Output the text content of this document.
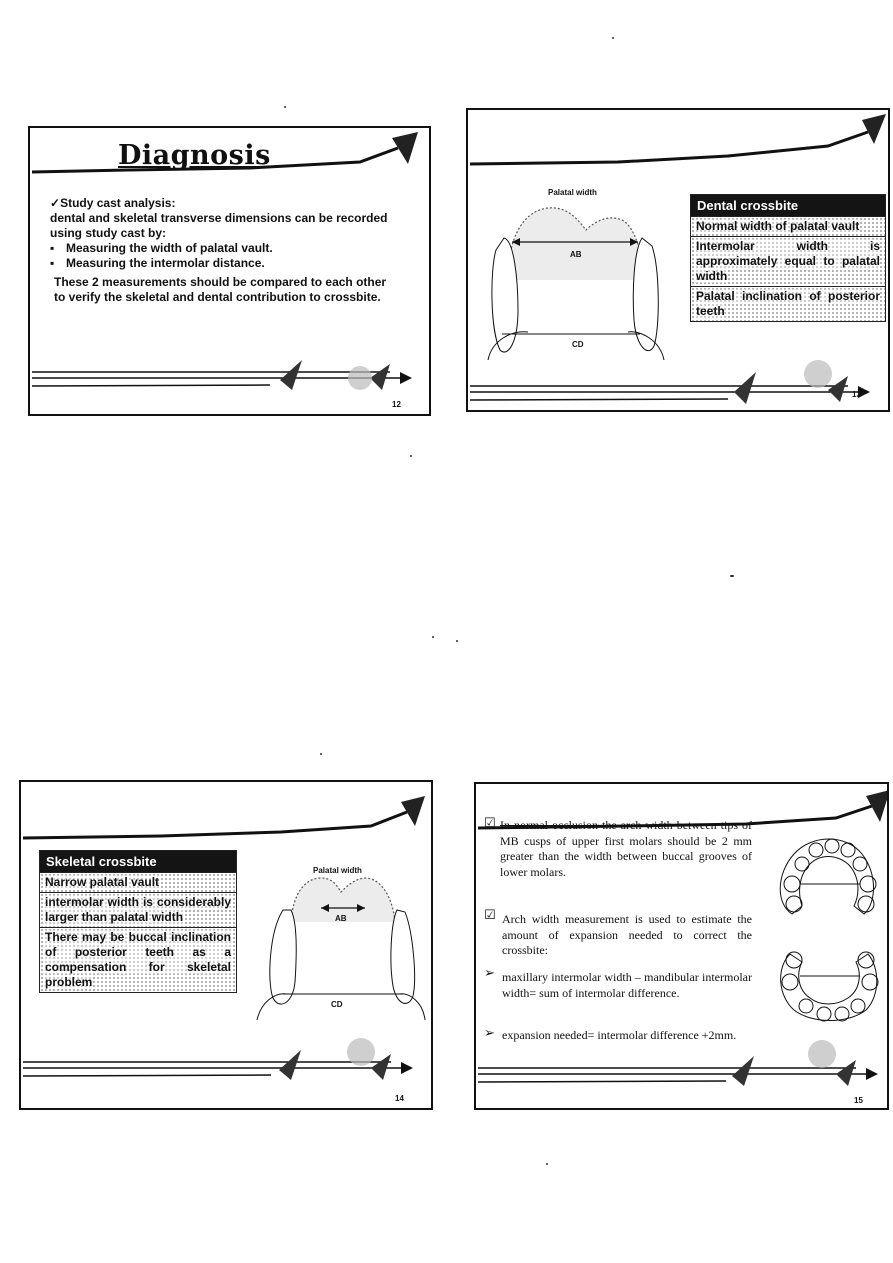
Diagnosis

✓Study cast analysis:

dental and skeletal transverse dimensions can be recorded using study cast by:

▪ Measuring the width of palatal vault.
▪ Measuring the intermolar distance.

These 2 measurements should be compared to each other to verify the skeletal and dental contribution to crossbite.

12
Palatal width
AB
CD
Dental crossbite
Normal width of palatal vault
Intermolar width is approximately equal to palatal width
Palatal inclination of posterior teeth
13
Palatal width
AB
CD
Skeletal crossbite
Narrow palatal vault
intermolar width is considerably larger than palatal width
There may be buccal inclination of posterior teeth as a compensation for skeletal problem
14
☑ In normal occlusion the arch width between tips of MB cusps of upper first molars should be 2 mm greater than the width between buccal grooves of lower molars.
☑ Arch width measurement is used to estimate the amount of expansion needed to correct the crossbite:
➢ maxillary intermolar width – mandibular intermolar width= sum of intermolar difference.
➢ expansion needed= intermolar difference +2mm.
15
